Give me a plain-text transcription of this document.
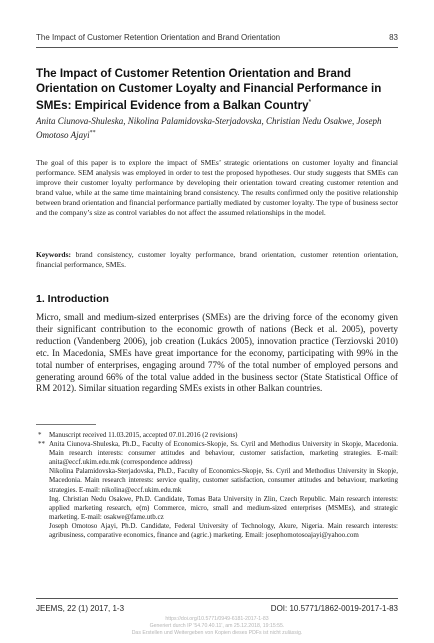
The Impact of Customer Retention Orientation and Brand Orientation	83
The Impact of Customer Retention Orientation and Brand Orientation on Customer Loyalty and Financial Performance in SMEs: Empirical Evidence from a Balkan Country*
Anita Ciunova-Shuleska, Nikolina Palamidovska-Sterjadovska, Christian Nedu Osakwe, Joseph Omotoso Ajayi**

The goal of this paper is to explore the impact of SMEs’ strategic orientations on customer loyalty and financial performance. SEM analysis was employed in order to test the proposed hypotheses. Our study suggests that SMEs can improve their customer loyalty performance by developing their orientation toward creating customer retention and brand value, while at the same time maintaining brand consistency. The results confirmed only the positive relationship between brand orientation and financial performance partially mediated by customer loyalty. The type of business sector and the company’s size as control variables do not affect the assumed relationships in the model.

Keywords: brand consistency, customer loyalty performance, brand orientation, customer retention orientation, financial performance, SMEs.

1. Introduction

Micro, small and medium-sized enterprises (SMEs) are the driving force of the economy given their significant contribution to the economic growth of nations (Beck et al. 2005), poverty reduction (Vandenberg 2006), job creation (Lukács 2005), innovation practice (Terziovski 2010) etc. In Macedonia, SMEs have great importance for the economy, participating with 99% in the total number of enterprises, engaging around 77% of the total number of employed persons and generating around 66% of the total value added in the business sector (State Statistical Office of RM 2012). Similar situation regarding SMEs exists in other Balkan countries.

* Manuscript received 11.03.2015, accepted 07.01.2016 (2 revisions)
** Anita Ciunova-Shuleska, Ph.D., Faculty of Economics-Skopje, Ss. Cyril and Methodius University in Skopje, Macedonia. Main research interests: consumer attitudes and behaviour, customer satisfaction, marketing strategies. E-mail: anita@eccf.ukim.edu.mk (correspondence address)
Nikolina Palamidovska-Sterjadovska, Ph.D., Faculty of Economics-Skopje, Ss. Cyril and Methodius University in Skopje, Macedonia. Main research interests: service quality, customer satisfaction, consumer attitudes and behaviour, marketing strategies. E-mail: nikolina@eccf.ukim.edu.mk
Ing. Christian Nedu Osakwe, Ph.D. Candidate, Tomas Bata University in Zlin, Czech Republic. Main research interests: applied marketing research, e(m) Commerce, micro, small and medium-sized enterprises (MSMEs), and strategic marketing. E-mail: osakwe@fame.utb.cz
Joseph Omotoso Ajayi, Ph.D. Candidate, Federal University of Technology, Akure, Nigeria. Main research interests: agribusiness, comparative economics, finance and (agric.) marketing. Email: josephomotosoajayi@yahoo.com
JEEMS, 22 (1) 2017, 1-3	DOI: 10.5771/1862-0019-2017-1-83
https://doi.org/10.5771/0949-6181-2017-1-83
Generiert durch IP '54.70.40.11', am 25.12.2018, 19:15:55.
Das Erstellen und Weitergeben von Kopien dieses PDFs ist nicht zulässig.
